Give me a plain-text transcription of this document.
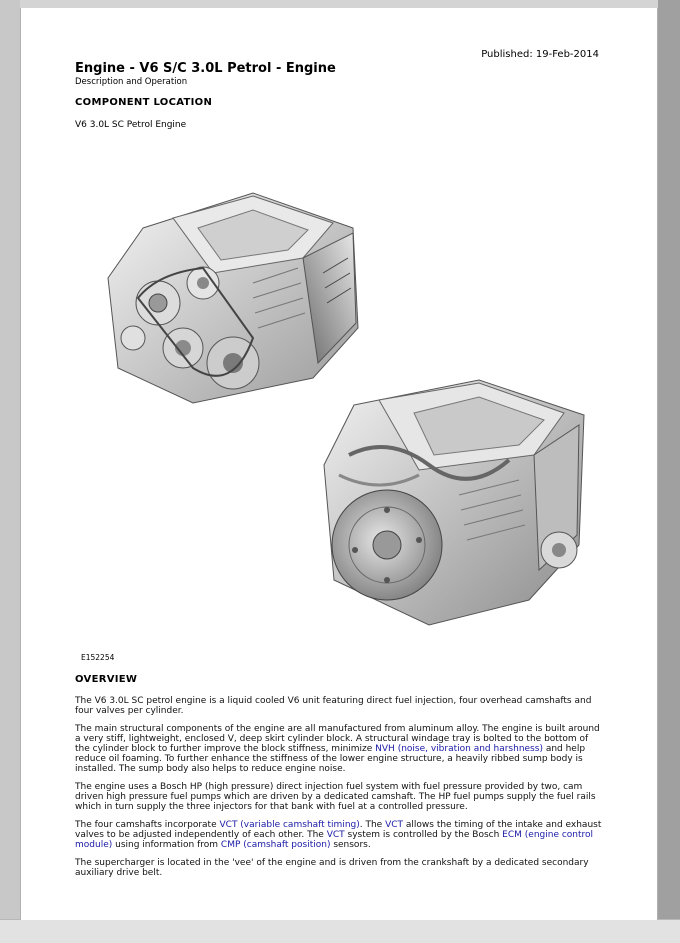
Published: 19-Feb-2014
Engine - V6 S/C 3.0L Petrol - Engine
Description and Operation
COMPONENT LOCATION
V6 3.0L SC Petrol Engine
E152254
OVERVIEW

The V6 3.0L SC petrol engine is a liquid cooled V6 unit featuring direct fuel injection, four overhead camshafts and four valves per cylinder.

The main structural components of the engine are all manufactured from aluminum alloy. The engine is built around a very stiff, lightweight, enclosed V, deep skirt cylinder block. A structural windage tray is bolted to the bottom of the cylinder block to further improve the block stiffness, minimize NVH (noise, vibration and harshness) and help reduce oil foaming. To further enhance the stiffness of the lower engine structure, a heavily ribbed sump body is installed. The sump body also helps to reduce engine noise.

The engine uses a Bosch HP (high pressure) direct injection fuel system with fuel pressure provided by two, cam driven high pressure fuel pumps which are driven by a dedicated camshaft. The HP fuel pumps supply the fuel rails which in turn supply the three injectors for that bank with fuel at a controlled pressure.

The four camshafts incorporate VCT (variable camshaft timing). The VCT allows the timing of the intake and exhaust valves to be adjusted independently of each other. The VCT system is controlled by the Bosch ECM (engine control module) using information from CMP (camshaft position) sensors.

The supercharger is located in the 'vee' of the engine and is driven from the crankshaft by a dedicated secondary auxiliary drive belt.
